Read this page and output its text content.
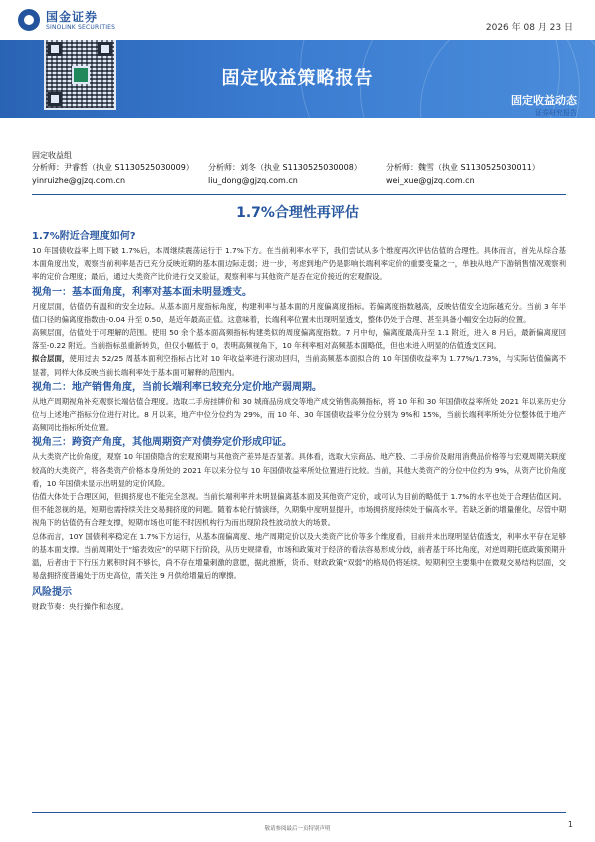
国金证券
SINOLINK SECURITIES	2026 年 08 月 23 日
固定收益策略报告
固定收益动态
证券研究报告
固定收益组
分析师：尹睿哲（执业 S1130525030009）
yinruizhe@gjzq.com.cn
分析师：刘冬（执业 S1130525030008）
liu_dong@gjzq.com.cn
分析师：魏雪（执业 S1130525030011）
wei_xue@gjzq.com.cn
1.7%合理性再评估
1.7%附近合理度如何?

10 年国债收益率上周下破 1.7%后，本周继续震荡运行于 1.7%下方。在当前利率水平下，我们尝试从多个维度再次评估估值的合理性。具体而言，首先从综合基本面角度出发，观察当前利率是否已充分反映近期的基本面边际走弱；进一步，考虑到地产仍是影响长端利率定价的重要变量之一，单独从地产下游销售情况观察利率的定价合理度；最后，通过大类资产比价进行交叉验证，观察利率与其他资产是否在定价接近的宏观假设。

视角一：基本面角度，利率对基本面未明显透支。

月度层面，估值仍有温和的安全边际。从基本面月度指标角度，构建利率与基本面的月度偏离度指标。若偏离度指数越高，反映估值安全边际越充分。当前 3 年半值口径的偏离度指数由-0.04 升至 0.50，是近年最高正值。这意味着，长端利率位置未出现明显透支，整体仍处于合理、甚至具备小幅安全边际的位置。

高频层面，估值处于可理解的范围。使用 50 余个基本面高频指标构建类似的周度偏离度指数。7 月中旬，偏离度最高升至 1.1 附近，进入 8 月后，最新偏离度回落至-0.22 附近。当前指标虽重新转负，但仅小幅低于 0，表明高频视角下，10 年利率相对高频基本面略低，但也未进入明显的估值透支区间。

拟合层面，使用过去 52/25 周基本面利空指标占比对 10 年收益率进行滚动回归，当前高频基本面拟合的 10 年国债收益率为 1.77%/1.73%，与实际估值偏离不显著，同样大体反映当前长端利率处于基本面可解释的范围内。

视角二：地产销售角度，当前长端利率已较充分定价地产弱周期。

从地产周期视角补充观察长端估值合理度。选取二手房挂牌价和 30 城商品房成交等地产成交销售高频指标，将 10 年和 30 年国债收益率所处 2021 年以来历史分位与上述地产指标分位进行对比。8 月以来，地产中位分位约为 29%，而 10 年、30 年国债收益率分位分别为 9%和 15%，当前长端利率所处分位整体低于地产高频同比指标所处位置。

视角三：跨资产角度，其他周期资产对债券定价形成印证。

从大类资产比价角度，观察 10 年国债隐含的宏观预期与其他资产差异是否显著。具体看，选取大宗商品、地产股、二手房价及耐用消费品价格等与宏观周期关联度较高的大类资产，将各类资产价格本身所处的 2021 年以来分位与 10 年国债收益率所处位置进行比较。当前，其他大类资产的分位中位约为 9%，从资产比价角度看，10 年国债未显示出明显的定价风险。

估值大体处于合理区间，但拥挤度也不能完全忽视。当前长端利率并未明显偏离基本面及其他资产定价，或可认为目前的略低于 1.7%的水平也处于合理估值区间。但不能忽视的是，短期也需持续关注交易拥挤度的问题。随着本轮行情演绎，久期集中度明显提升，市场拥挤度持续处于偏高水平。若缺乏新的增量催化，尽管中期视角下的估值仍有合理支撑，短期市场也可能不时因机构行为而出现阶段性波动放大的场景。

总体而言，10Y 国债利率稳定在 1.7%下方运行，从基本面偏离度、地产周期定价以及大类资产比价等多个维度看，目前并未出现明显估值透支，利率水平存在足够的基本面支撑。当前周期处于“缩表效应”的早期下行阶段，从历史规律看，市场和政策对于经济的看法容易形成分歧，前者基于环比角度，对逆周期托底政策预期升温，后者由于下行压力累积时间不够长，尚不存在增量刺激的意愿，据此推断，货币、财政政策“双弱”的格局仍将延续。短期利空主要集中在微观交易结构层面，交易盘拥挤度普遍处于历史高位，需关注 9 月供给增量后的摩擦。

风险提示

财政节奏：央行操作和态度。

敬请参阅最后一页特别声明	1
